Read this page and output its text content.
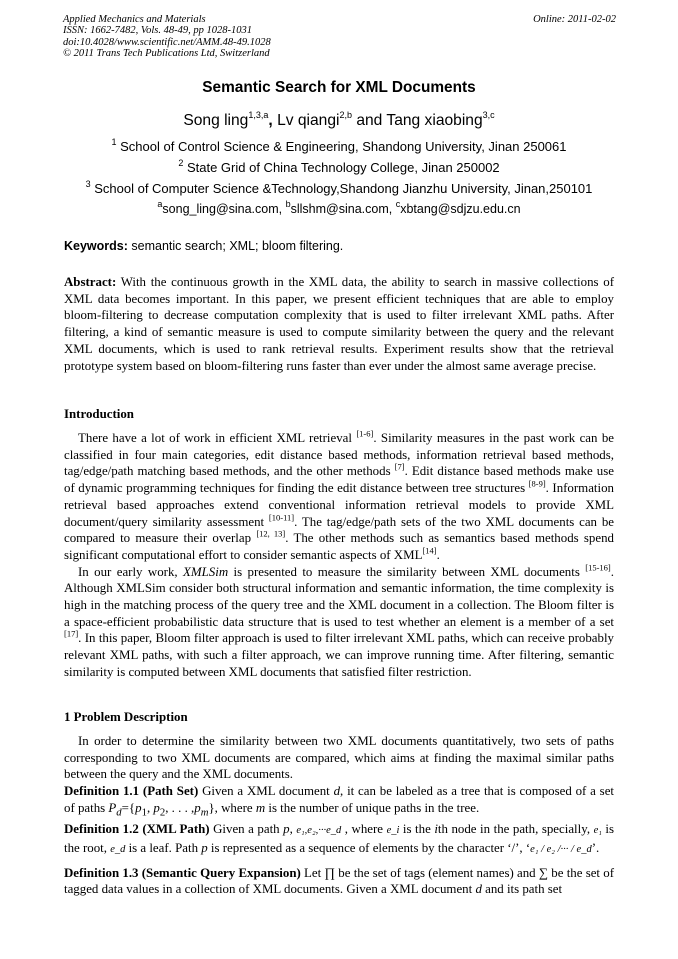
Applied Mechanics and Materials
ISSN: 1662-7482, Vols. 48-49, pp 1028-1031
doi:10.4028/www.scientific.net/AMM.48-49.1028
© 2011 Trans Tech Publications Ltd, Switzerland
Online: 2011-02-02
Semantic Search for XML Documents
Song ling$^{1,3,a}$, Lv qiangi$^{2,b}$ and Tang xiaobing$^{3,c}$
$^1$ School of Control Science & Engineering, Shandong University, Jinan 250061
$^2$ State Grid of China Technology College, Jinan 250002
$^3$ School of Computer Science &Technology,Shandong Jianzhu University, Jinan,250101
$^a$song_ling@sina.com, $^b$sllshm@sina.com, $^c$xbtang@sdjzu.edu.cn
Keywords: semantic search; XML; bloom filtering.

Abstract: With the continuous growth in the XML data, the ability to search in massive collections of XML data becomes important. In this paper, we present efficient techniques that are able to employ bloom-filtering to decrease computation complexity that is used to filter irrelevant XML paths. After filtering, a kind of semantic measure is used to compute similarity between the query and the relevant XML documents, which is used to rank retrieval results. Experiment results show that the retrieval prototype system based on bloom-filtering runs faster than ever under the almost same average precise.

Introduction

There have a lot of work in efficient XML retrieval [1-6]. Similarity measures in the past work can be classified in four main categories, edit distance based methods, information retrieval based methods, tag/edge/path matching based methods, and the other methods [7]. Edit distance based methods make use of dynamic programming techniques for finding the edit distance between tree structures [8-9]. Information retrieval based approaches extend conventional information retrieval models to provide XML document/query similarity assessment [10-11]. The tag/edge/path sets of the two XML documents can be compared to measure their overlap [12, 13]. The other methods such as semantics based methods spend significant computational effort to consider semantic aspects of XML[14].

In our early work, XMLSim is presented to measure the similarity between XML documents [15-16]. Although XMLSim consider both structural information and semantic information, the time complexity is high in the matching process of the query tree and the XML document in a collection. The Bloom filter is a space-efficient probabilistic data structure that is used to test whether an element is a member of a set [17]. In this paper, Bloom filter approach is used to filter irrelevant XML paths, which can receive probably relevant XML paths, with such a filter approach, we can improve running time. After filtering, semantic similarity is computed between XML documents that satisfied filter restriction.

1 Problem Description

In order to determine the similarity between two XML documents quantitatively, two sets of paths corresponding to two XML documents are compared, which aims at finding the maximal similar paths between the query and the XML documents.

Definition 1.1 (Path Set) Given a XML document d, it can be labeled as a tree that is composed of a set of paths $P_d=\{p_1$, $p_2$, . . . $,p_m$}, where m is the number of unique paths in the tree.

Definition 1.2 (XML Path) Given a path p, e₁,e₂,···e_d , where e_i is the ith node in the path, specially, e₁ is the root, e_d is a leaf. Path p is represented as a sequence of elements by the character ‘/’, ‘e₁ / e₂ /··· / e_d’.

Definition 1.3 (Semantic Query Expansion) Let ∏ be the set of tags (element names) and ∑ be the set of tagged data values in a collection of XML documents. Given a XML document d and its path set
